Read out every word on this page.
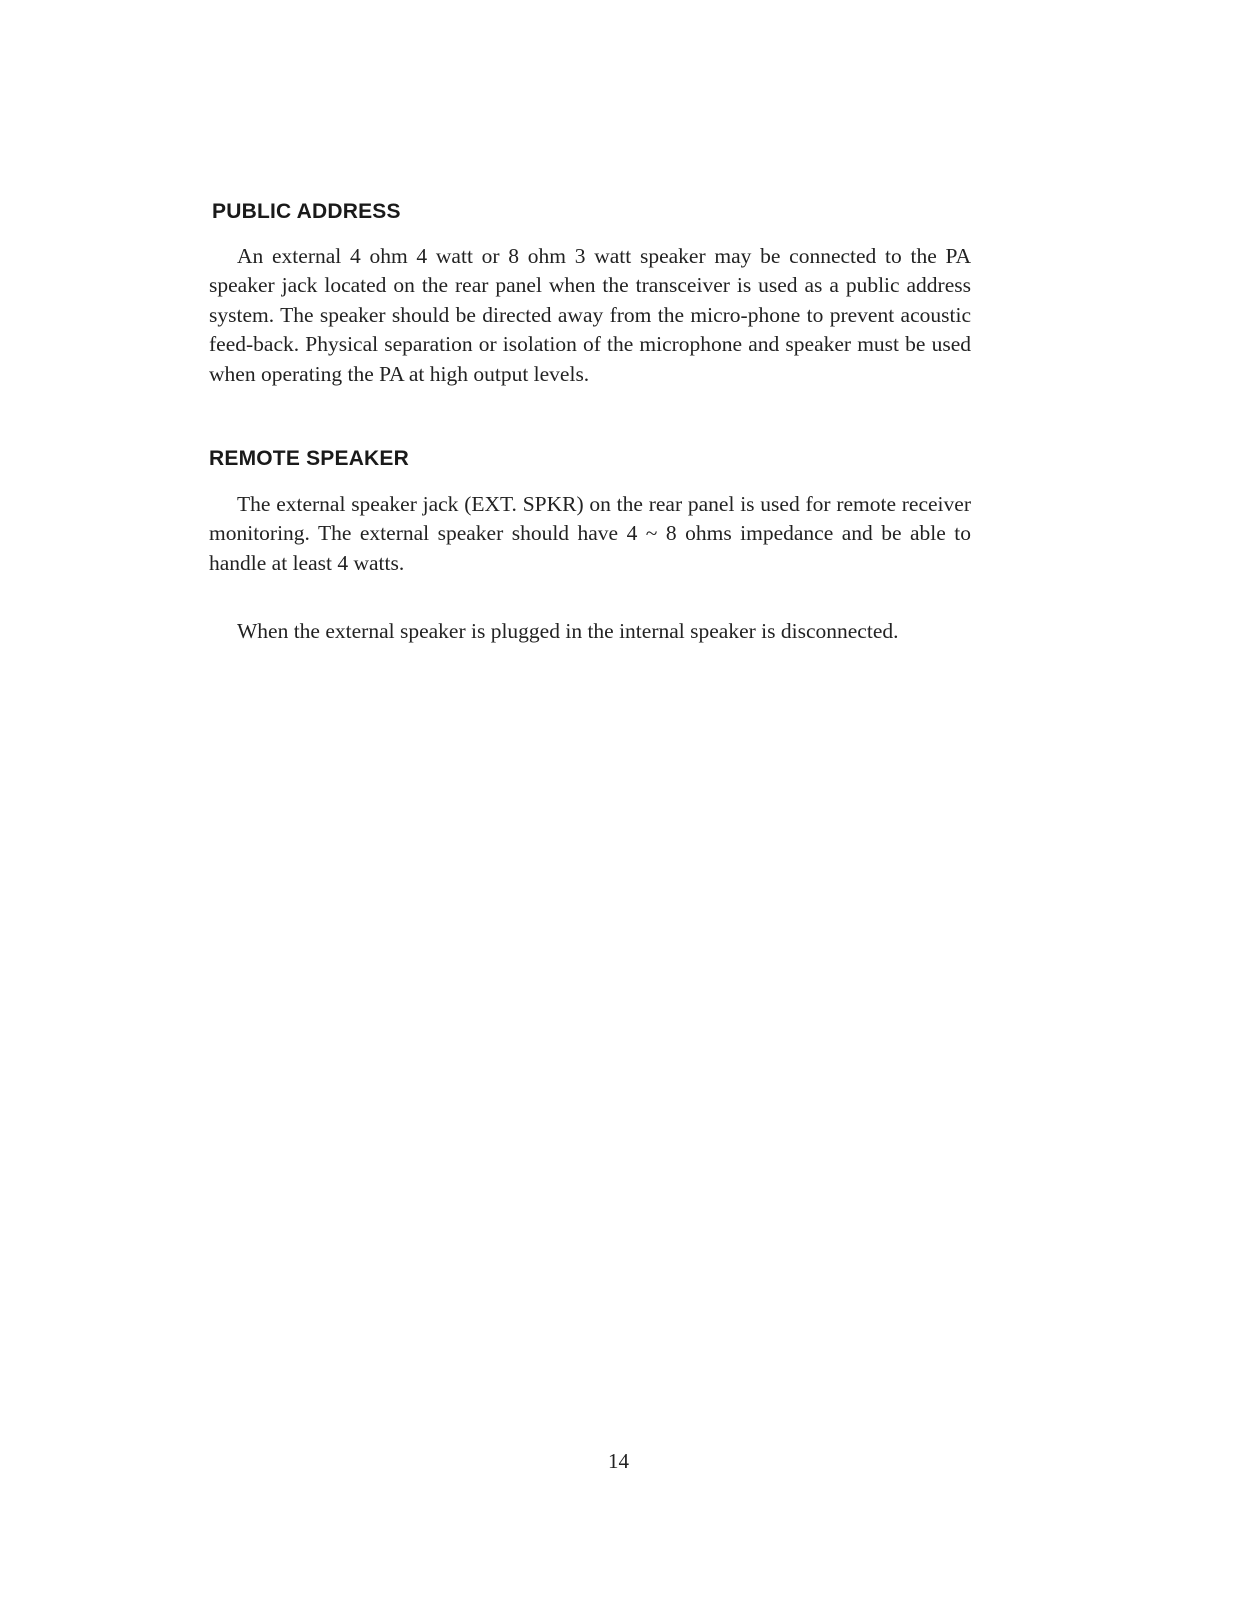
PUBLIC ADDRESS

An external 4 ohm 4 watt or 8 ohm 3 watt speaker may be connected to the PA speaker jack located on the rear panel when the transceiver is used as a public address system. The speaker should be directed away from the micro-phone to prevent acoustic feed-back. Physical separation or isolation of the microphone and speaker must be used when operating the PA at high output levels.

REMOTE SPEAKER

The external speaker jack (EXT. SPKR) on the rear panel is used for remote receiver monitoring. The external speaker should have 4 ~ 8 ohms impedance and be able to handle at least 4 watts.

When the external speaker is plugged in the internal speaker is disconnected.

14
